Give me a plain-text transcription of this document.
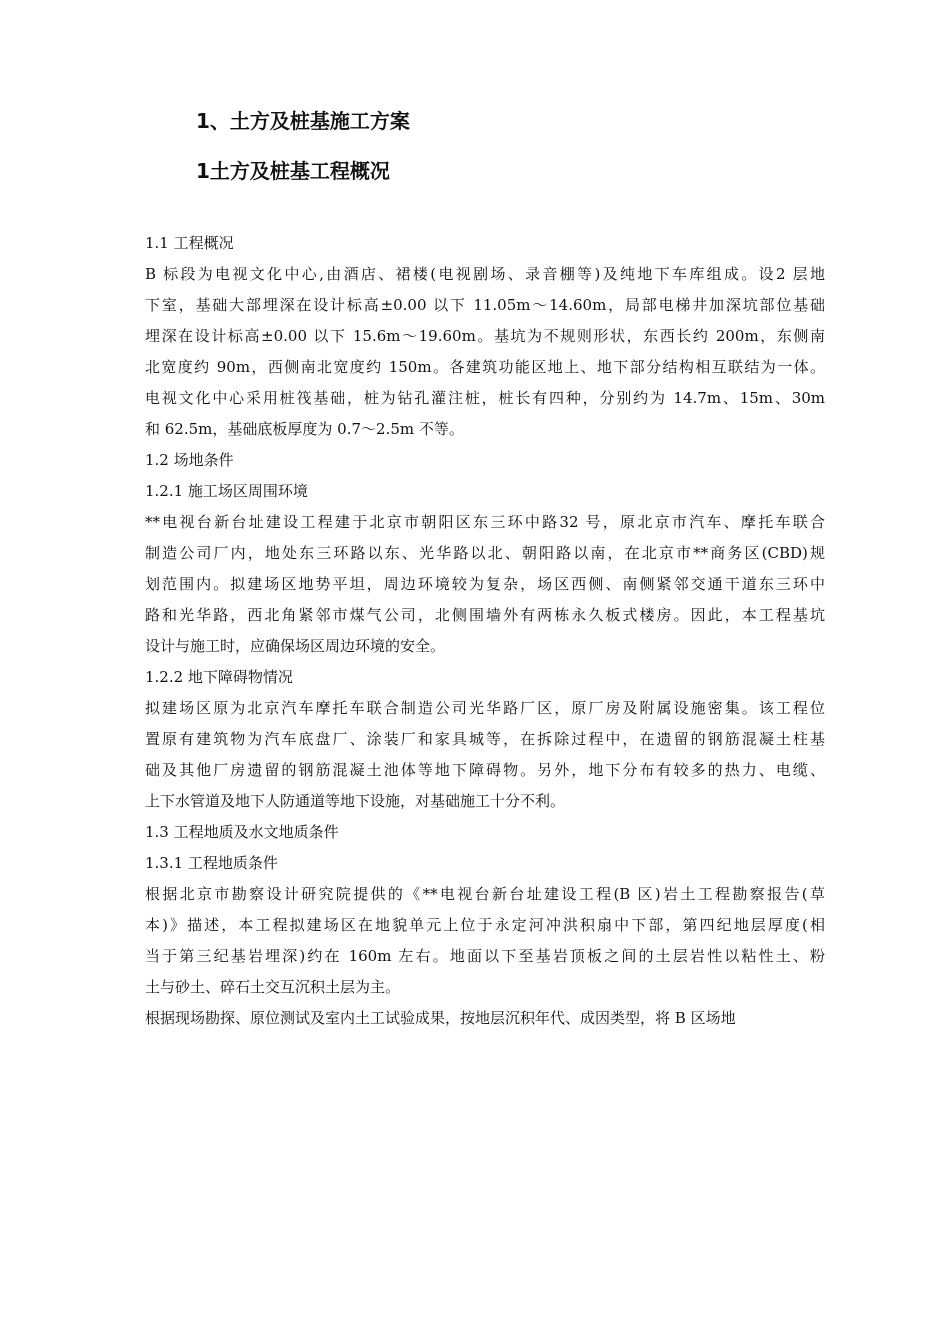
1、土方及桩基施工方案
1土方及桩基工程概况

1.1 工程概况

B 标段为电视文化中心,由酒店、裙楼(电视剧场、录音棚等)及纯地下车库组成。设2 层地
下室，基础大部埋深在设计标高±0.00 以下 11.05m～14.60m，局部电梯井加深坑部位基础
埋深在设计标高±0.00 以下 15.6m～19.60m。基坑为不规则形状，东西长约 200m，东侧南
北宽度约 90m，西侧南北宽度约 150m。各建筑功能区地上、地下部分结构相互联结为一体。
电视文化中心采用桩筏基础，桩为钻孔灌注桩，桩长有四种，分别约为 14.7m、15m、30m
和 62.5m，基础底板厚度为 0.7～2.5m 不等。

1.2 场地条件

1.2.1 施工场区周围环境

**电视台新台址建设工程建于北京市朝阳区东三环中路32 号，原北京市汽车、摩托车联合
制造公司厂内，地处东三环路以东、光华路以北、朝阳路以南，在北京市**商务区(CBD)规
划范围内。拟建场区地势平坦，周边环境较为复杂，场区西侧、南侧紧邻交通干道东三环中
路和光华路，西北角紧邻市煤气公司，北侧围墙外有两栋永久板式楼房。因此，本工程基坑
设计与施工时，应确保场区周边环境的安全。

1.2.2 地下障碍物情况

拟建场区原为北京汽车摩托车联合制造公司光华路厂区，原厂房及附属设施密集。该工程位
置原有建筑物为汽车底盘厂、涂装厂和家具城等，在拆除过程中，在遗留的钢筋混凝土柱基
础及其他厂房遗留的钢筋混凝土池体等地下障碍物。另外，地下分布有较多的热力、电缆、
上下水管道及地下人防通道等地下设施，对基础施工十分不利。

1.3 工程地质及水文地质条件

1.3.1 工程地质条件

根据北京市勘察设计研究院提供的《**电视台新台址建设工程(B 区)岩土工程勘察报告(草
本)》描述，本工程拟建场区在地貌单元上位于永定河冲洪积扇中下部，第四纪地层厚度(相
当于第三纪基岩埋深)约在 160m 左右。地面以下至基岩顶板之间的土层岩性以粘性土、粉
土与砂土、碎石土交互沉积土层为主。

根据现场勘探、原位测试及室内土工试验成果，按地层沉积年代、成因类型，将 B 区场地
